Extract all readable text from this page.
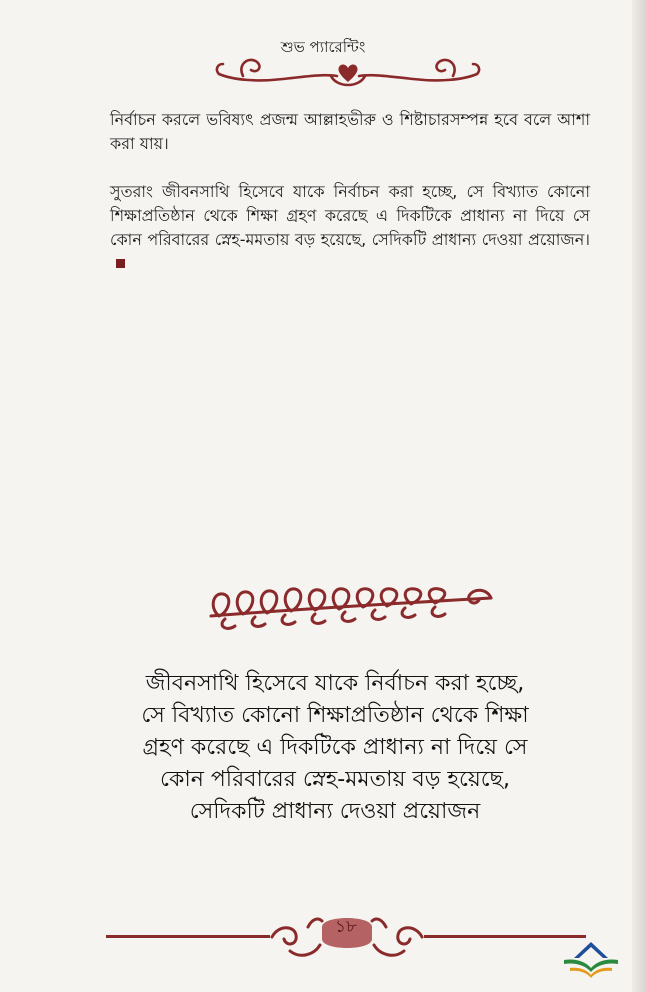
শুভ প্যারেন্টিং

নির্বাচন করলে ভবিষ্যৎ প্রজন্ম আল্লাহভীরু ও শিষ্টাচারসম্পন্ন হবে বলে আশা করা যায়।

সুতরাং জীবনসাথি হিসেবে যাকে নির্বাচন করা হচ্ছে, সে বিখ্যাত কোনো শিক্ষাপ্রতিষ্ঠান থেকে শিক্ষা গ্রহণ করেছে এ দিকটিকে প্রাধান্য না দিয়ে সে কোন পরিবারের স্নেহ-মমতায় বড় হয়েছে, সেদিকটি প্রাধান্য দেওয়া প্রয়োজন।

জীবনসাথি হিসেবে যাকে নির্বাচন করা হচ্ছে,
সে বিখ্যাত কোনো শিক্ষাপ্রতিষ্ঠান থেকে শিক্ষা
গ্রহণ করেছে এ দিকটিকে প্রাধান্য না দিয়ে সে
কোন পরিবারের স্নেহ-মমতায় বড় হয়েছে,
সেদিকটি প্রাধান্য দেওয়া প্রয়োজন
১৮
